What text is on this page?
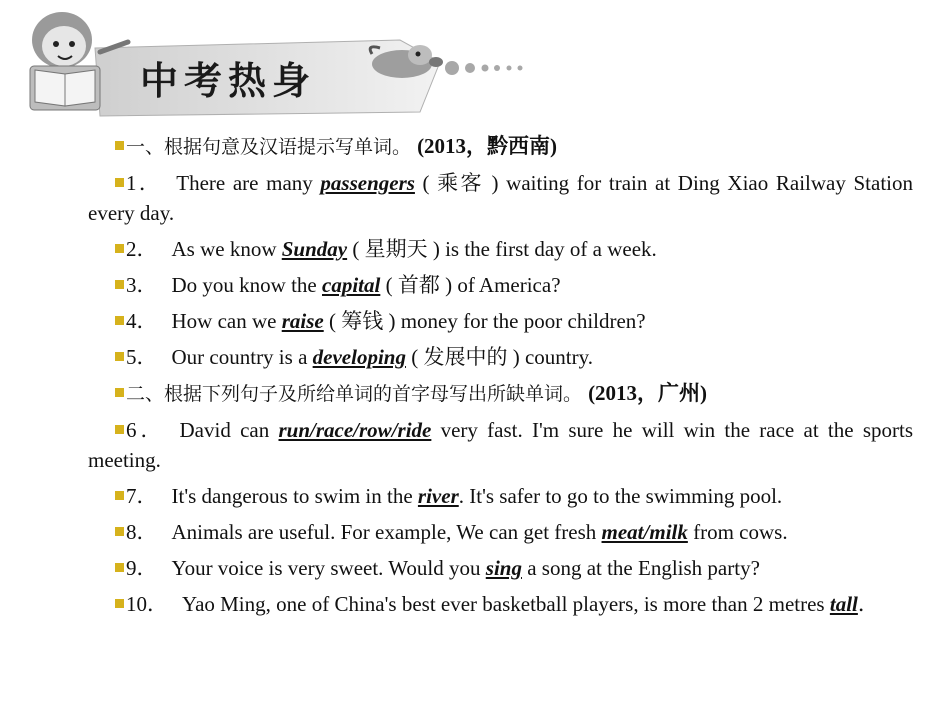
中考热身

一、根据句意及汉语提示写单词。 (2013，黔西南)

1． There are many passengers ( 乘客 ) waiting for train at Ding Xiao Railway Station every day.

2． As we know Sunday ( 星期天 ) is the first day of a week.

3． Do you know the capital ( 首都 ) of America?

4． How can we raise ( 筹钱 ) money for the poor children?

5． Our country is a developing ( 发展中的 ) country.

二、根据下列句子及所给单词的首字母写出所缺单词。 (2013，广州)

6． David can run/race/row/ride very fast. I'm sure he will win the race at the sports meeting.

7． It's dangerous to swim in the river. It's safer to go to the swimming pool.

8． Animals are useful. For example, We can get fresh meat/milk from cows.

9． Your voice is very sweet. Would you sing a song at the English party?

10． Yao Ming, one of China's best ever basketball players, is more than 2 metres tall．
